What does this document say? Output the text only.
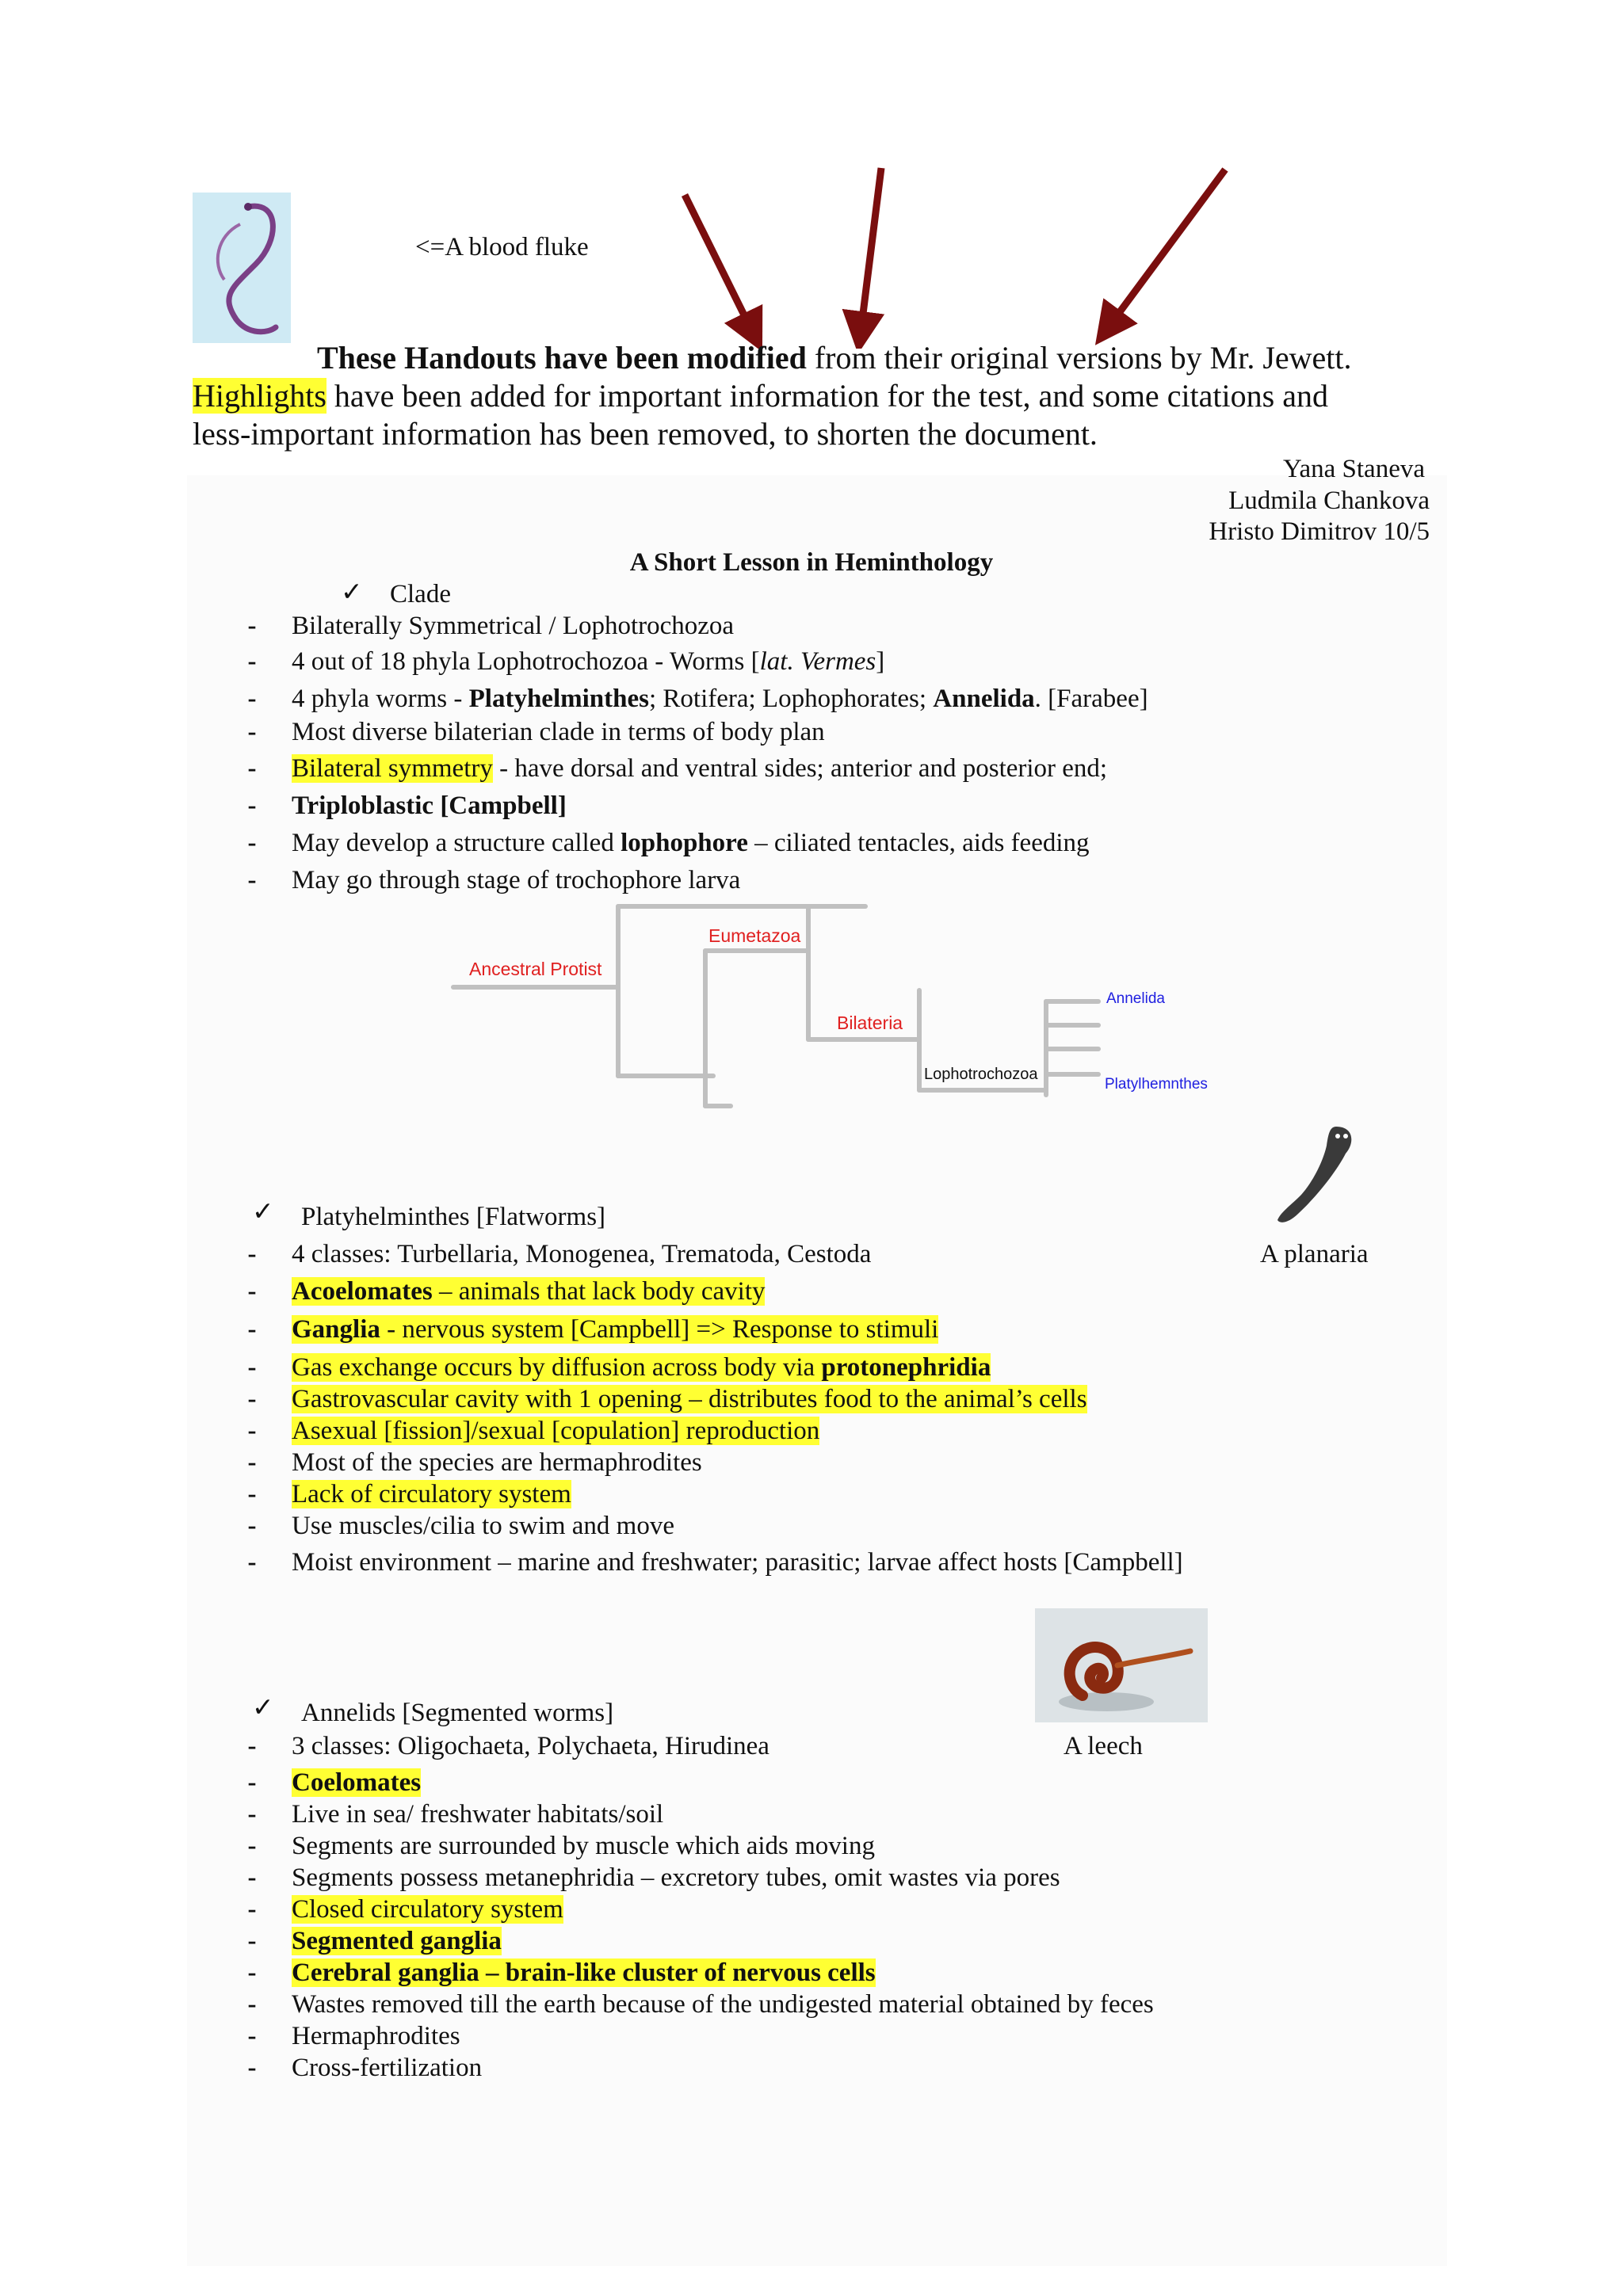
<=A blood fluke
These Handouts have been modified from their original versions by Mr. Jewett.
Highlights have been added for important information for the test, and some citations and
less-important information has been removed, to shorten the document.
Yana Staneva
Ludmila Chankova
Hristo Dimitrov 10/5
A Short Lesson in Heminthology
✓ Clade
- Bilaterally Symmetrical / Lophotrochozoa
- 4 out of 18 phyla Lophotrochozoa - Worms [lat. Vermes]
- 4 phyla worms - Platyhelminthes; Rotifera; Lophophorates; Annelida. [Farabee]
- Most diverse bilaterian clade in terms of body plan
- Bilateral symmetry - have dorsal and ventral sides; anterior and posterior end;
- Triploblastic [Campbell]
- May develop a structure called lophophore – ciliated tentacles, aids feeding
- May go through stage of trochophore larva
Ancestral Protist
Eumetazoa
Bilateria
Lophotrochozoa
Annelida
Platylhemnthes
✓ Platyhelminthes [Flatworms]
- 4 classes: Turbellaria, Monogenea, Trematoda, Cestoda	A planaria
- Acoelomates – animals that lack body cavity
- Ganglia - nervous system [Campbell] => Response to stimuli
- Gas exchange occurs by diffusion across body via protonephridia
- Gastrovascular cavity with 1 opening – distributes food to the animal’s cells
- Asexual [fission]/sexual [copulation] reproduction
- Most of the species are hermaphrodites
- Lack of circulatory system
- Use muscles/cilia to swim and move
- Moist environment – marine and freshwater; parasitic; larvae affect hosts [Campbell]
✓ Annelids [Segmented worms]
- 3 classes: Oligochaeta, Polychaeta, Hirudinea	A leech
- Coelomates
- Live in sea/ freshwater habitats/soil
- Segments are surrounded by muscle which aids moving
- Segments possess metanephridia – excretory tubes, omit wastes via pores
- Closed circulatory system
- Segmented ganglia
- Cerebral ganglia – brain-like cluster of nervous cells
- Wastes removed till the earth because of the undigested material obtained by feces
- Hermaphrodites
- Cross-fertilization
